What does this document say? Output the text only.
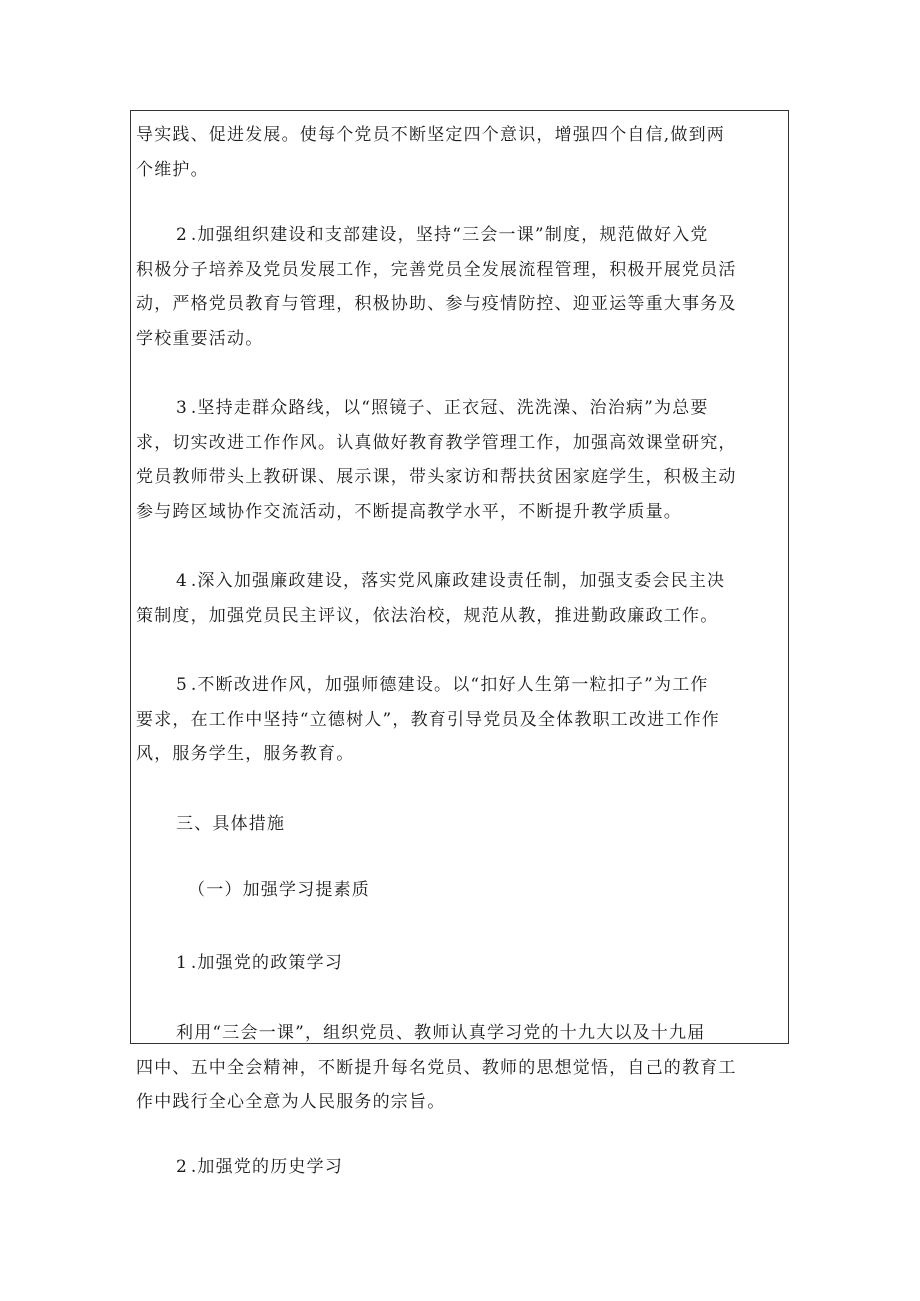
导实践、促进发展。使每个党员不断坚定四个意识，增强四个自信,做到两
个维护。
2 .加强组织建设和支部建设，坚持“三会一课”制度，规范做好入党
积极分子培养及党员发展工作，完善党员全发展流程管理，积极开展党员活
动，严格党员教育与管理，积极协助、参与疫情防控、迎亚运等重大事务及
学校重要活动。
3 .坚持走群众路线，以“照镜子、正衣冠、洗洗澡、治治病”为总要
求，切实改进工作作风。认真做好教育教学管理工作，加强高效课堂研究，
党员教师带头上教研课、展示课，带头家访和帮扶贫困家庭学生，积极主动
参与跨区域协作交流活动，不断提高教学水平，不断提升教学质量。
4 .深入加强廉政建设，落实党风廉政建设责任制，加强支委会民主决
策制度，加强党员民主评议，依法治校，规范从教，推进勤政廉政工作。
5 .不断改进作风，加强师德建设。以“扣好人生第一粒扣子”为工作
要求，在工作中坚持“立德树人”，教育引导党员及全体教职工改进工作作
风，服务学生，服务教育。
三、具体措施
（一）加强学习提素质
1 .加强党的政策学习
利用“三会一课”，组织党员、教师认真学习党的十九大以及十九届
四中、五中全会精神，不断提升每名党员、教师的思想觉悟，自己的教育工
作中践行全心全意为人民服务的宗旨。
2 .加强党的历史学习
